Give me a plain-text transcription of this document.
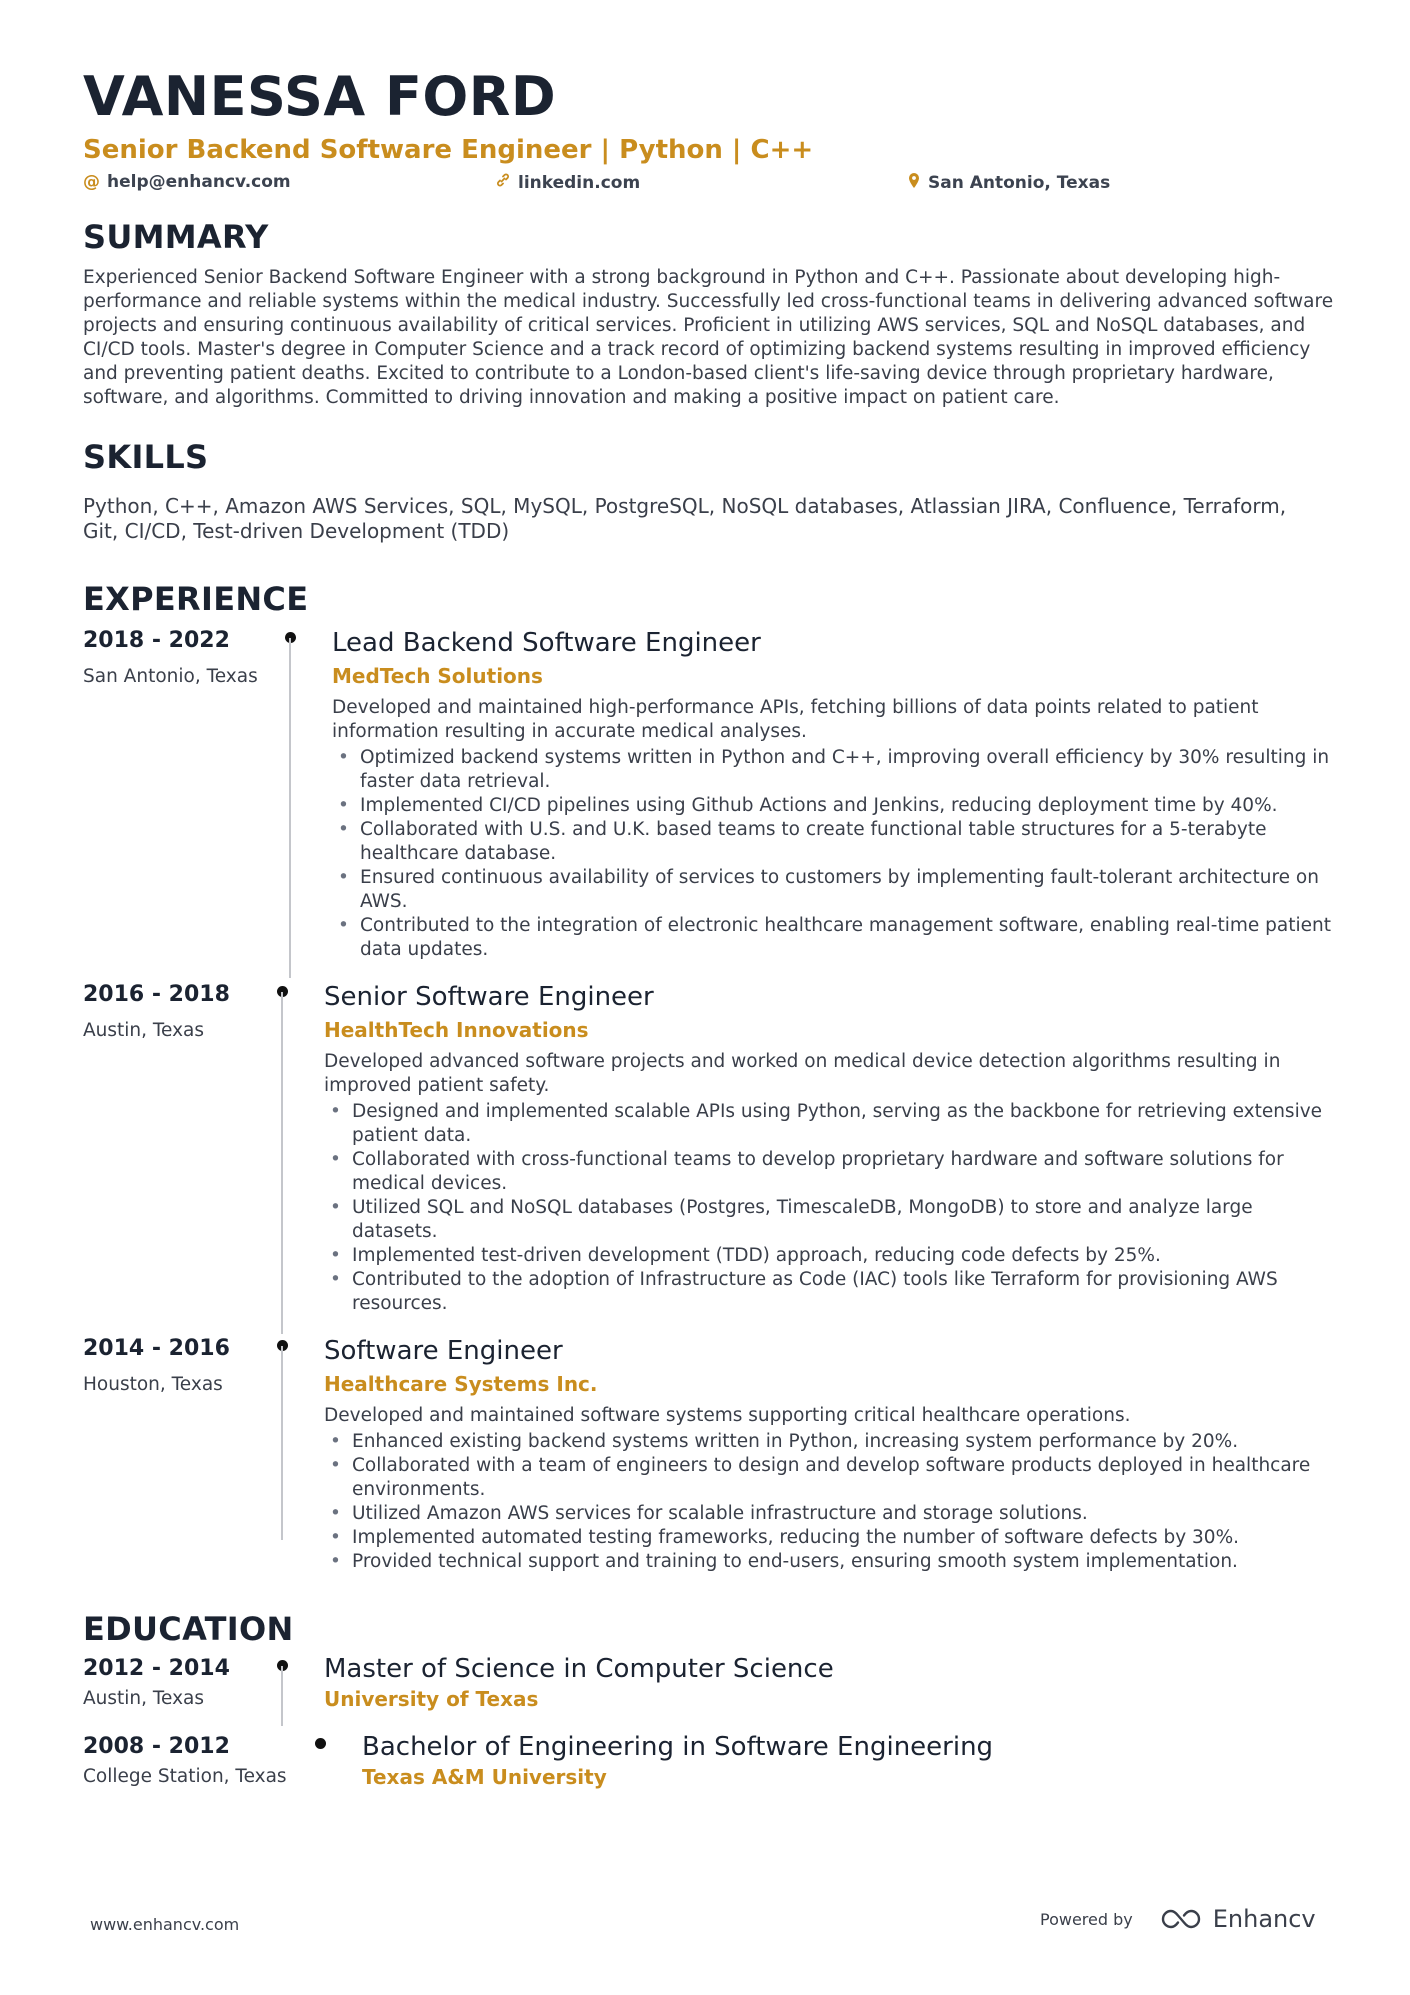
VANESSA FORD
Senior Backend Software Engineer | Python | C++
@ help@enhancv.com	linkedin.com	San Antonio, Texas
SUMMARY
Experienced Senior Backend Software Engineer with a strong background in Python and C++. Passionate about developing high-
performance and reliable systems within the medical industry. Successfully led cross-functional teams in delivering advanced software
projects and ensuring continuous availability of critical services. Proficient in utilizing AWS services, SQL and NoSQL databases, and
CI/CD tools. Master's degree in Computer Science and a track record of optimizing backend systems resulting in improved efficiency
and preventing patient deaths. Excited to contribute to a London-based client's life-saving device through proprietary hardware,
software, and algorithms. Committed to driving innovation and making a positive impact on patient care.
SKILLS
Python, C++, Amazon AWS Services, SQL, MySQL, PostgreSQL, NoSQL databases, Atlassian JIRA, Confluence, Terraform,
Git, CI/CD, Test-driven Development (TDD)
EXPERIENCE
2018 - 2022
San Antonio, Texas
Lead Backend Software Engineer
MedTech Solutions
Developed and maintained high-performance APIs, fetching billions of data points related to patient
information resulting in accurate medical analyses.
• Optimized backend systems written in Python and C++, improving overall efficiency by 30% resulting in
faster data retrieval.
• Implemented CI/CD pipelines using Github Actions and Jenkins, reducing deployment time by 40%.
• Collaborated with U.S. and U.K. based teams to create functional table structures for a 5-terabyte
healthcare database.
• Ensured continuous availability of services to customers by implementing fault-tolerant architecture on
AWS.
• Contributed to the integration of electronic healthcare management software, enabling real-time patient
data updates.
2016 - 2018
Austin, Texas
Senior Software Engineer
HealthTech Innovations
Developed advanced software projects and worked on medical device detection algorithms resulting in
improved patient safety.
• Designed and implemented scalable APIs using Python, serving as the backbone for retrieving extensive
patient data.
• Collaborated with cross-functional teams to develop proprietary hardware and software solutions for
medical devices.
• Utilized SQL and NoSQL databases (Postgres, TimescaleDB, MongoDB) to store and analyze large
datasets.
• Implemented test-driven development (TDD) approach, reducing code defects by 25%.
• Contributed to the adoption of Infrastructure as Code (IAC) tools like Terraform for provisioning AWS
resources.
2014 - 2016
Houston, Texas
Software Engineer
Healthcare Systems Inc.
Developed and maintained software systems supporting critical healthcare operations.
• Enhanced existing backend systems written in Python, increasing system performance by 20%.
• Collaborated with a team of engineers to design and develop software products deployed in healthcare
environments.
• Utilized Amazon AWS services for scalable infrastructure and storage solutions.
• Implemented automated testing frameworks, reducing the number of software defects by 30%.
• Provided technical support and training to end-users, ensuring smooth system implementation.
EDUCATION
2012 - 2014
Austin, Texas
Master of Science in Computer Science
University of Texas
2008 - 2012
College Station, Texas
Bachelor of Engineering in Software Engineering
Texas A&M University
www.enhancv.com	Powered by	Enhancv
